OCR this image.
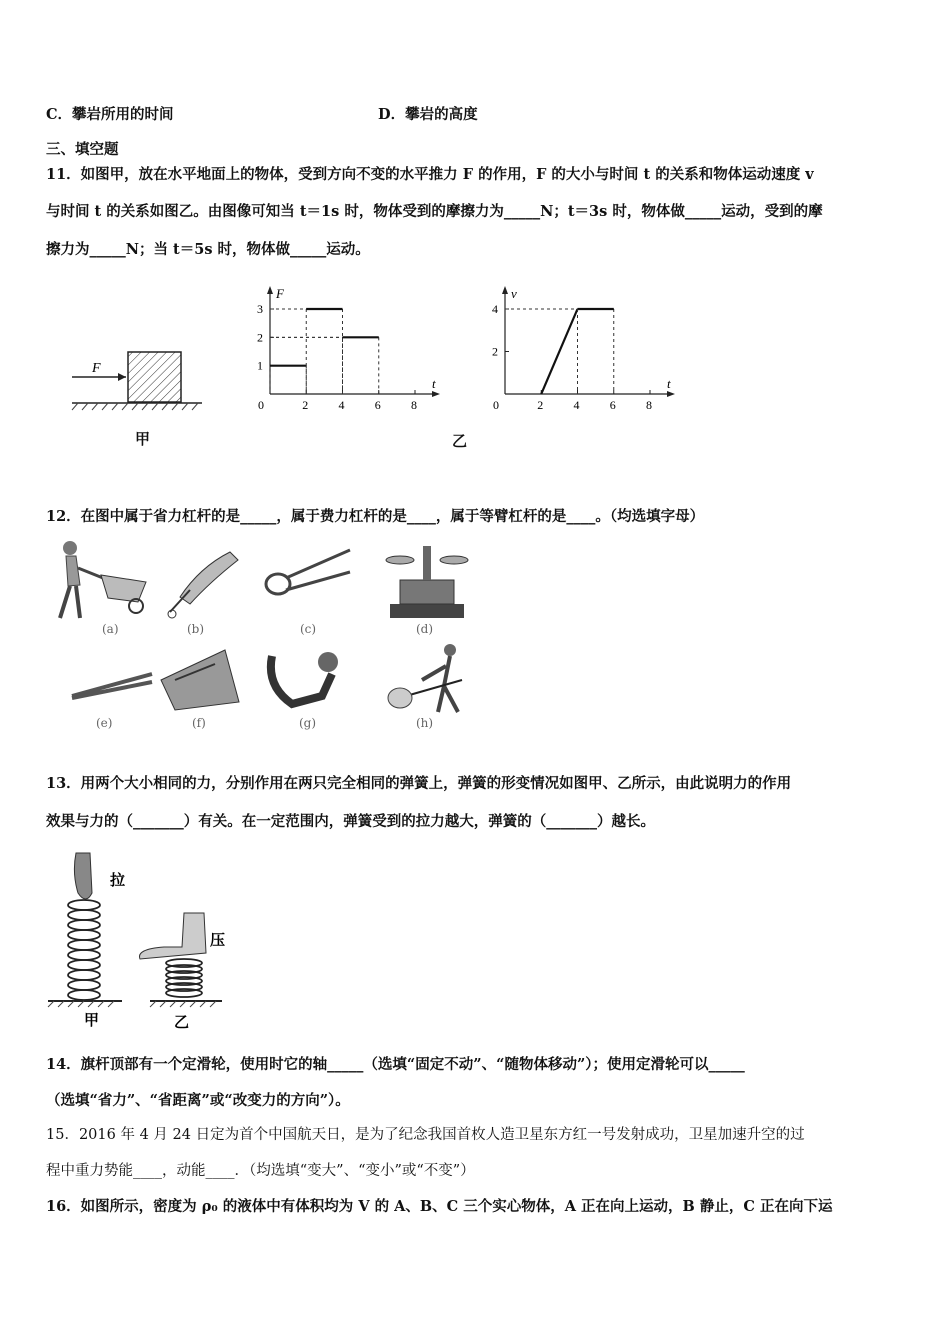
C．攀岩所用的时间	D．攀岩的高度
三、填空题
11．如图甲，放在水平地面上的物体，受到方向不变的水平推力 F 的作用，F 的大小与时间 t 的关系和物体运动速度 v
与时间 t 的关系如图乙。由图像可知当 t＝1s 时，物体受到的摩擦力为_____N；t＝3s 时，物体做_____运动，受到的摩
擦力为_____N；当 t＝5s 时，物体做_____运动。
F
甲	乙
t
F
0	2	4	6	8
1
2
3
t
v
0	2	4	6	8
2
4
12．在图中属于省力杠杆的是_____，属于费力杠杆的是____，属于等臂杠杆的是____。（均选填字母）
(a)	(b)	(c)	(d)
(e)	(f)	(g)	(h)
13．用两个大小相同的力，分别作用在两只完全相同的弹簧上，弹簧的形变情况如图甲、乙所示，由此说明力的作用
效果与力的（_______）有关。在一定范围内，弹簧受到的拉力越大，弹簧的（_______）越长。
拉
甲
压
乙
14．旗杆顶部有一个定滑轮，使用时它的轴_____（选填“固定不动”、“随物体移动”）；使用定滑轮可以_____
（选填“省力”、“省距离”或“改变力的方向”）。
15．2016 年 4 月 24 日定为首个中国航天日，是为了纪念我国首枚人造卫星东方红一号发射成功，卫星加速升空的过
程中重力势能____，动能____．（均选填“变大”、“变小”或“不变”）
16．如图所示，密度为 ρ₀ 的液体中有体积均为 V 的 A、B、C 三个实心物体，A 正在向上运动，B 静止，C 正在向下运
